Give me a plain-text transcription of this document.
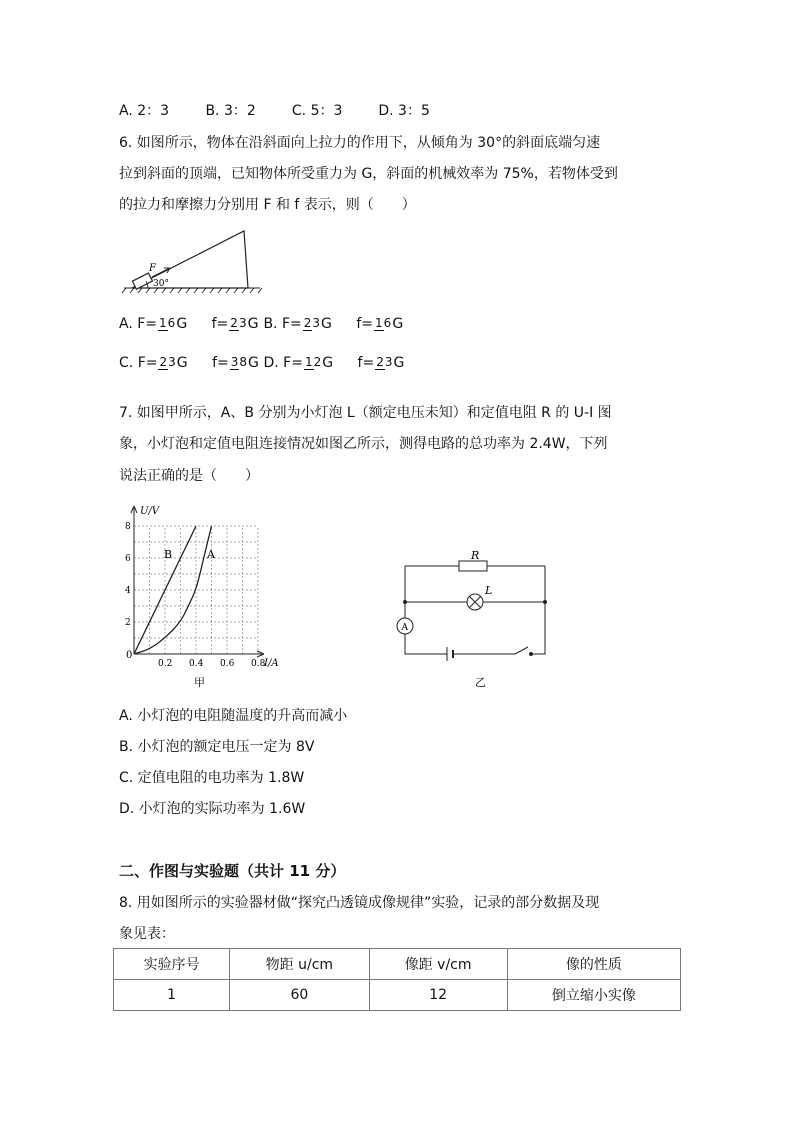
A. 2：3	B. 3：2	C. 5：3	D. 3：5
6. 如图所示，物体在沿斜面向上拉力的作用下，从倾角为 30°的斜面底端匀速
拉到斜面的顶端，已知物体所受重力为 G，斜面的机械效率为 75%，若物体受到
的拉力和摩擦力分别用 F 和 f 表示，则（　　）
F
30°
A. F= 16G f= 23G B. F= 23G f= 16G
C. F= 23G f= 38G D. F= 12G f= 23G
7. 如图甲所示，A、B 分别为小灯泡 L（额定电压未知）和定值电阻 R 的 U-I 图
象，小灯泡和定值电阻连接情况如图乙所示，测得电路的总功率为 2.4W，下列
说法正确的是（　　）
U/V
I/A
0
0.2 0.4 0.6 0.8
2
4
6
8
B	A
甲
R
L
A
乙
A. 小灯泡的电阻随温度的升高而减小
B. 小灯泡的额定电压一定为 8V
C. 定值电阻的电功率为 1.8W
D. 小灯泡的实际功率为 1.6W
二、作图与实验题（共计 11 分）
8. 用如图所示的实验器材做“探究凸透镜成像规律”实验，记录的部分数据及现
象见表：
实验序号	物距 u/cm	像距 v/cm	像的性质
1	60	12	倒立缩小实像
